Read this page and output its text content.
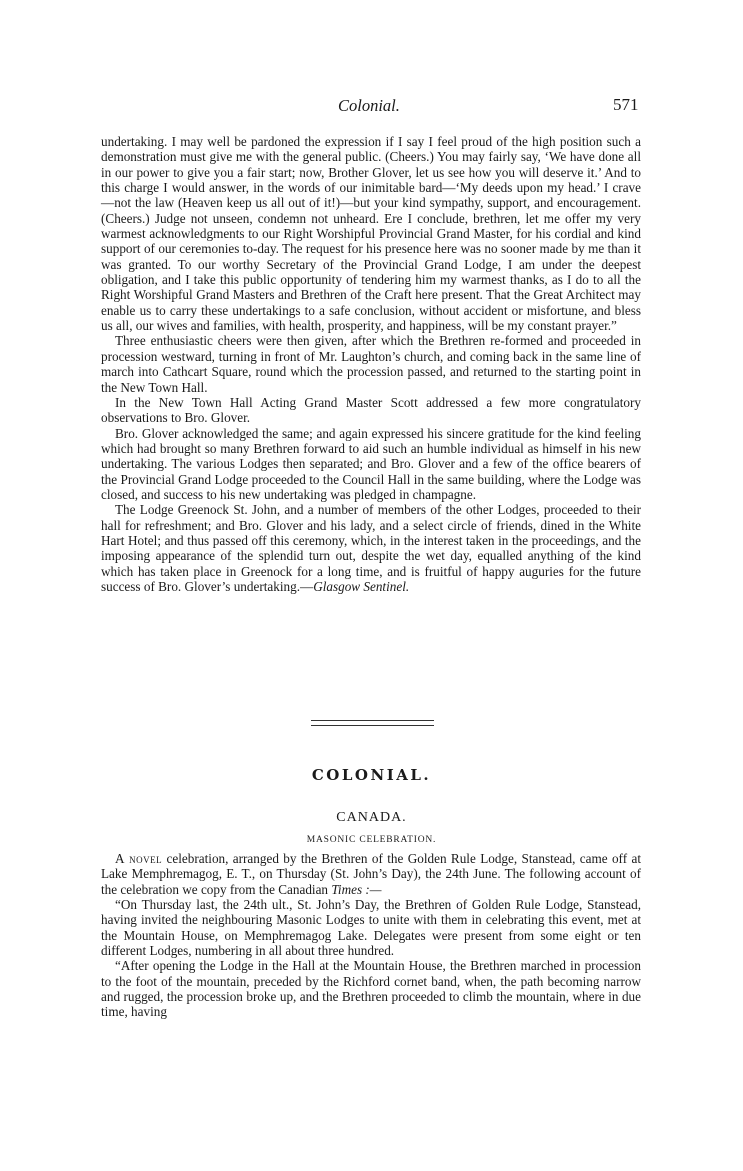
Colonial.	571

undertaking. I may well be pardoned the expression if I say I feel proud of the high position such a demonstration must give me with the general public. (Cheers.) You may fairly say, ‘We have done all in our power to give you a fair start; now, Brother Glover, let us see how you will deserve it.’ And to this charge I would answer, in the words of our inimitable bard—‘My deeds upon my head.’ I crave —not the law (Heaven keep us all out of it!)—but your kind sympathy, support, and encouragement. (Cheers.) Judge not unseen, condemn not unheard. Ere I conclude, brethren, let me offer my very warmest acknowledgments to our Right Worshipful Provincial Grand Master, for his cordial and kind support of our ceremonies to-day. The request for his presence here was no sooner made by me than it was granted. To our worthy Secretary of the Provincial Grand Lodge, I am under the deepest obligation, and I take this public opportunity of tendering him my warmest thanks, as I do to all the Right Worshipful Grand Masters and Brethren of the Craft here present. That the Great Architect may enable us to carry these undertakings to a safe conclusion, without accident or misfortune, and bless us all, our wives and families, with health, prosperity, and happiness, will be my constant prayer.”

Three enthusiastic cheers were then given, after which the Brethren re-formed and proceeded in procession westward, turning in front of Mr. Laughton’s church, and coming back in the same line of march into Cathcart Square, round which the procession passed, and returned to the starting point in the New Town Hall.

In the New Town Hall Acting Grand Master Scott addressed a few more congratulatory observations to Bro. Glover.

Bro. Glover acknowledged the same; and again expressed his sincere gratitude for the kind feeling which had brought so many Brethren forward to aid such an humble individual as himself in his new undertaking. The various Lodges then separated; and Bro. Glover and a few of the office bearers of the Provincial Grand Lodge proceeded to the Council Hall in the same building, where the Lodge was closed, and success to his new undertaking was pledged in champagne.

The Lodge Greenock St. John, and a number of members of the other Lodges, proceeded to their hall for refreshment; and Bro. Glover and his lady, and a select circle of friends, dined in the White Hart Hotel; and thus passed off this ceremony, which, in the interest taken in the proceedings, and the imposing appearance of the splendid turn out, despite the wet day, equalled anything of the kind which has taken place in Greenock for a long time, and is fruitful of happy auguries for the future success of Bro. Glover’s undertaking.—Glasgow Sentinel.

COLONIAL.
CANADA.
MASONIC CELEBRATION.

A novel celebration, arranged by the Brethren of the Golden Rule Lodge, Stanstead, came off at Lake Memphremagog, E. T., on Thursday (St. John’s Day), the 24th June. The following account of the celebration we copy from the Canadian Times :—

“On Thursday last, the 24th ult., St. John’s Day, the Brethren of Golden Rule Lodge, Stanstead, having invited the neighbouring Masonic Lodges to unite with them in celebrating this event, met at the Mountain House, on Memphremagog Lake. Delegates were present from some eight or ten different Lodges, numbering in all about three hundred.

“After opening the Lodge in the Hall at the Mountain House, the Brethren marched in procession to the foot of the mountain, preceded by the Richford cornet band, when, the path becoming narrow and rugged, the procession broke up, and the Brethren proceeded to climb the mountain, where in due time, having
